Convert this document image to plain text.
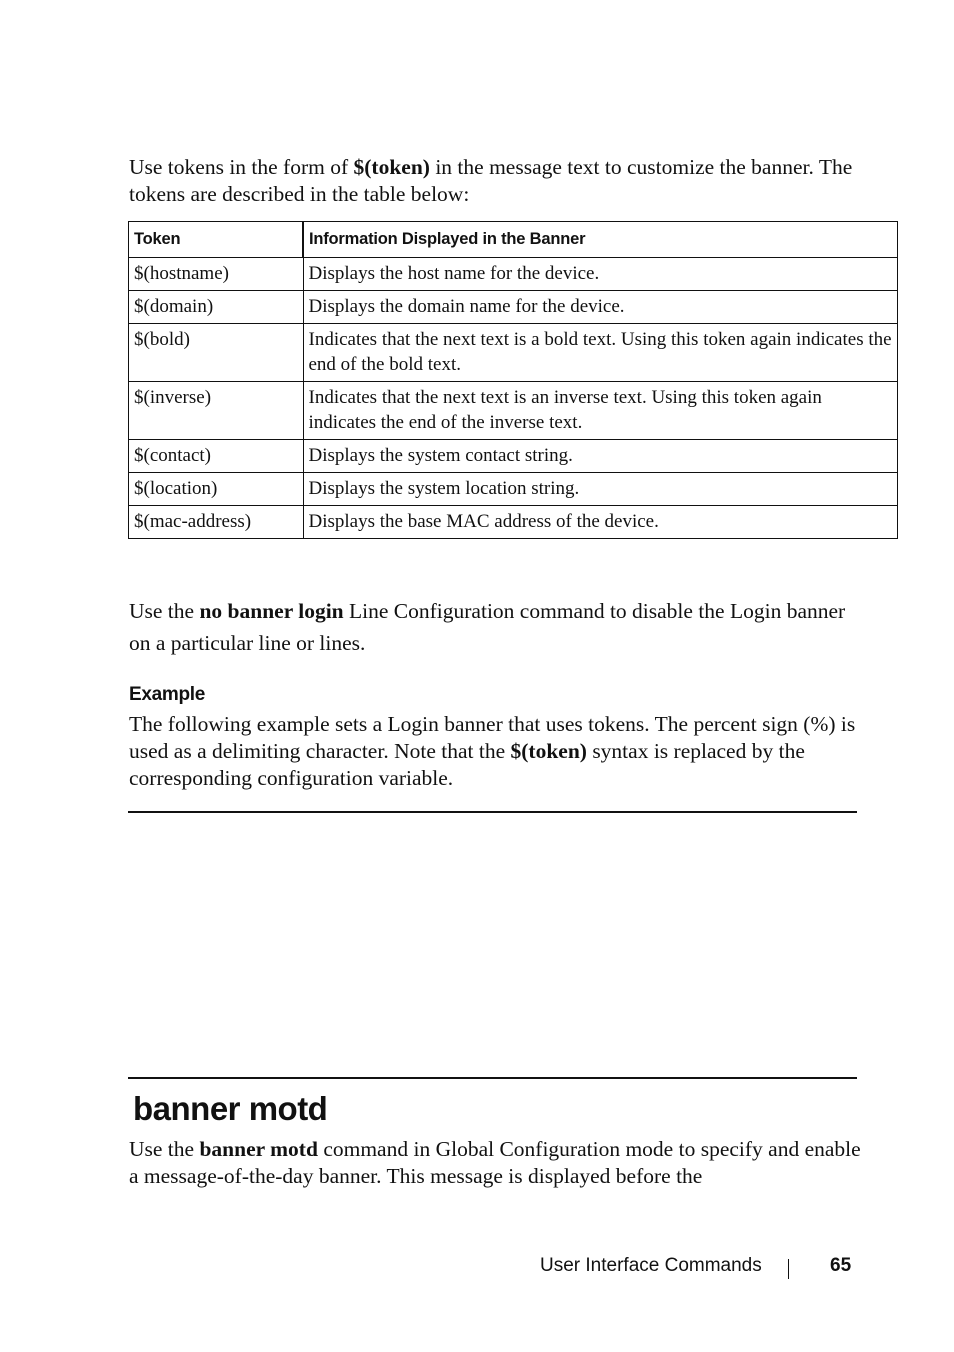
Use tokens in the form of $(token) in the message text to customize the banner. The tokens are described in the table below:

Token	Information Displayed in the Banner
$(hostname)	Displays the host name for the device.
$(domain)	Displays the domain name for the device.
$(bold)	Indicates that the next text is a bold text. Using this token again indicates the end of the bold text.
$(inverse)	Indicates that the next text is an inverse text. Using this token again indicates the end of the inverse text.
$(contact)	Displays the system contact string.
$(location)	Displays the system location string.
$(mac-address)	Displays the base MAC address of the device.

Use the no banner login Line Configuration command to disable the Login banner on a particular line or lines.

Example

The following example sets a Login banner that uses tokens. The percent sign (%) is used as a delimiting character. Note that the $(token) syntax is replaced by the corresponding configuration variable.

banner motd

Use the banner motd command in Global Configuration mode to specify and enable a message-of-the-day banner. This message is displayed before the

User Interface Commands	65
